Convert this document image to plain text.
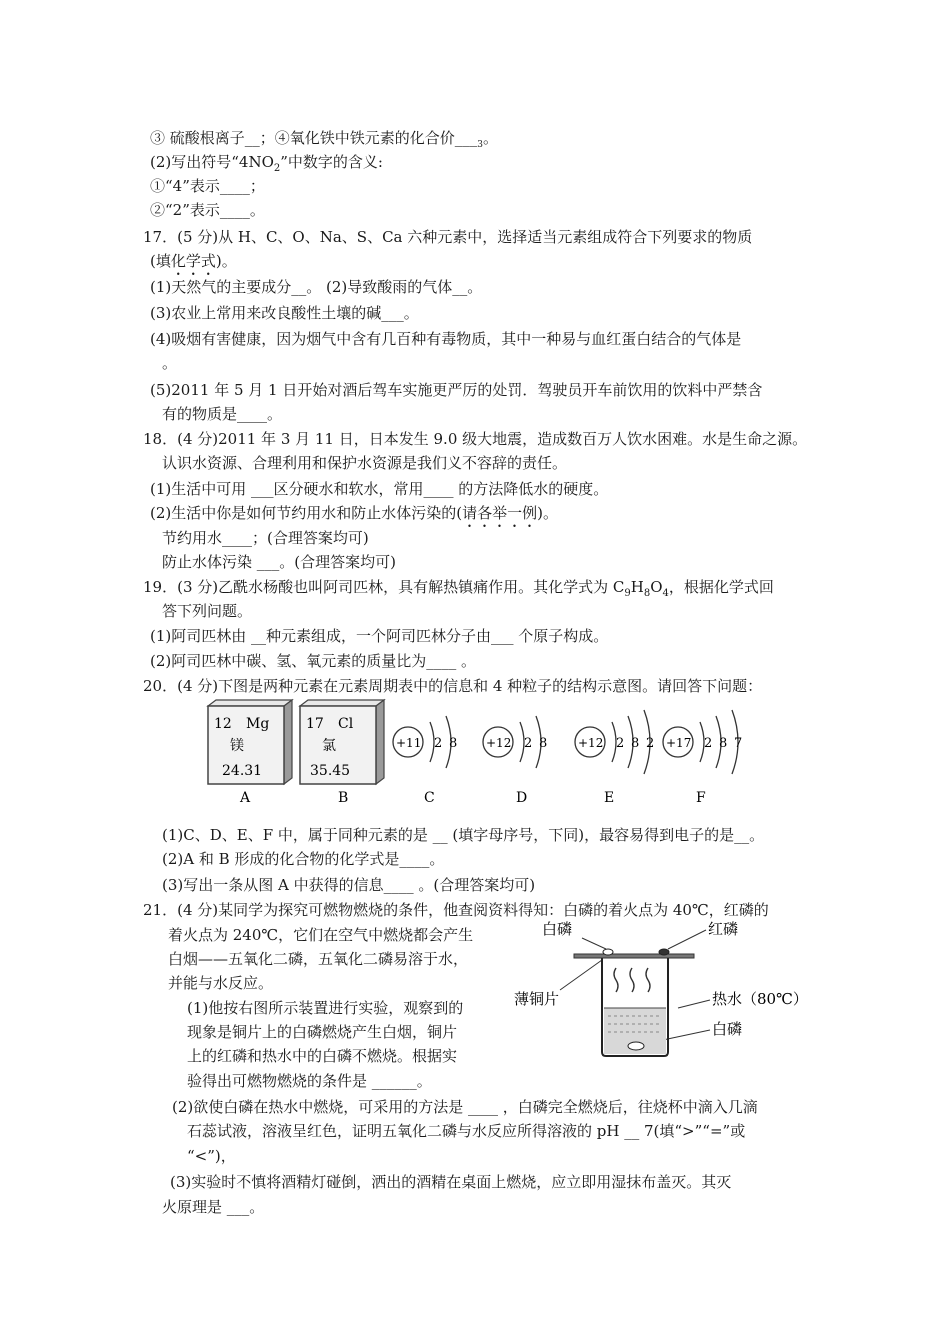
③ 硫酸根离子__；④氧化铁中铁元素的化合价$\_\_\__3$。
(2)写出符号“$4NO_2$”中数字的含义:
①“4”表示____；
②“2”表示____。
17．(5 分)从 H、C、O、Na、S、Ca 六种元素中，选择适当元素组成符合下列要求的物质
(填化学式)。
(1)天然气的主要成分__。 (2)导致酸雨的气体__。
(3)农业上常用来改良酸性土壤的碱___。
(4)吸烟有害健康，因为烟气中含有几百种有毒物质，其中一种易与血红蛋白结合的气体是
。
(5)2011 年 5 月 1 日开始对酒后驾车实施更严厉的处罚．驾驶员开车前饮用的饮料中严禁含
有的物质是____。
18．(4 分)2011 年 3 月 11 日，日本发生 9.0 级大地震，造成数百万人饮水困难。水是生命之源。
认识水资源、合理利用和保护水资源是我们义不容辞的责任。
(1)生活中可用 ___区分硬水和软水，常用____ 的方法降低水的硬度。
(2)生活中你是如何节约用水和防止水体污染的(请各举一例)。
节约用水____；(合理答案均可)
防止水体污染 ___。(合理答案均可)
19．(3 分)乙酰水杨酸也叫阿司匹林，具有解热镇痛作用。其化学式为 $C_9H_8O_4$，根据化学式回
答下列问题。
(1)阿司匹林由 __种元素组成，一个阿司匹林分子由___ 个原子构成。
(2)阿司匹林中碳、氢、氧元素的质量比为____ 。
20．(4 分)下图是两种元素在元素周期表中的信息和 4 种粒子的结构示意图。请回答下问题：
12 Mg
镁
24.31
A
17 Cl
氯
35.45
B
+11 2 8
C
+12 2 8
D
+12 2 8 2
E
+17 2 8 7
F
(1)C、D、E、F 中，属于同种元素的是 __ (填字母序号，下同)，最容易得到电子的是__。
(2)A 和 B 形成的化合物的化学式是____。
(3)写出一条从图 A 中获得的信息____ 。(合理答案均可)
21．(4 分)某同学为探究可燃物燃烧的条件，他查阅资料得知：白磷的着火点为 40℃，红磷的
着火点为 240℃，它们在空气中燃烧都会产生
白烟——五氧化二磷，五氧化二磷易溶于水，
并能与水反应。
(1)他按右图所示装置进行实验，观察到的
现象是铜片上的白磷燃烧产生白烟，铜片
上的红磷和热水中的白磷不燃烧。根据实
验得出可燃物燃烧的条件是 ______。
白磷	红磷
薄铜片	热水（80℃）
白磷
(2)欲使白磷在热水中燃烧，可采用的方法是 ____ ，白磷完全燃烧后，往烧杯中滴入几滴
石蕊试液，溶液呈红色，证明五氧化二磷与水反应所得溶液的 pH __ 7(填“>”“=”或
“<”)，
(3)实验时不慎将酒精灯碰倒，洒出的酒精在桌面上燃烧，应立即用湿抹布盖灭。其灭
火原理是 ___。
